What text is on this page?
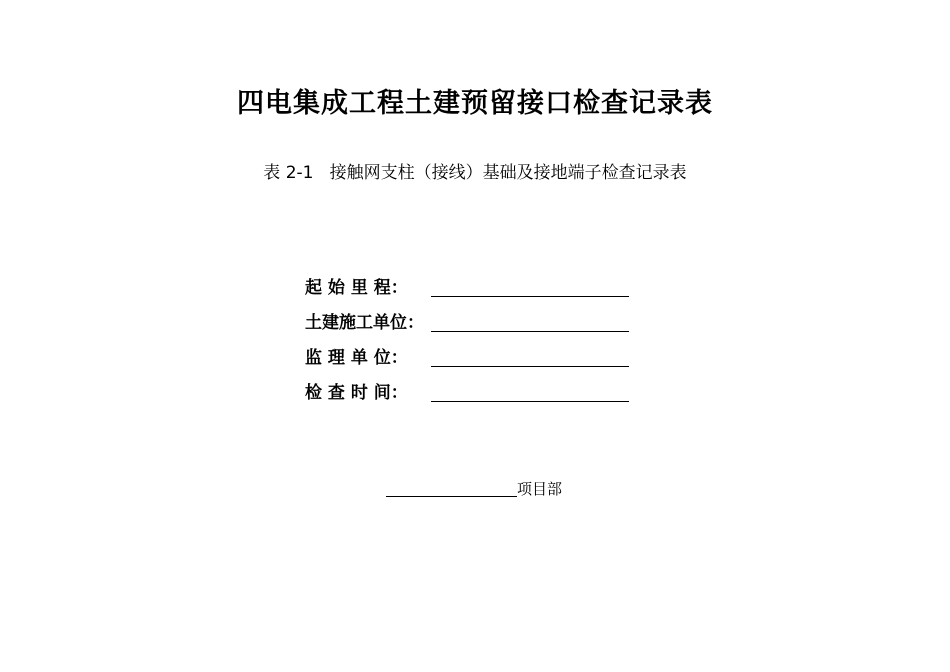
四电集成工程土建预留接口检查记录表
表 2-1   接触网支柱（接线）基础及接地端子检查记录表
起 始 里 程：
土建施工单位：
监 理 单 位：
检 查 时 间：
项目部
